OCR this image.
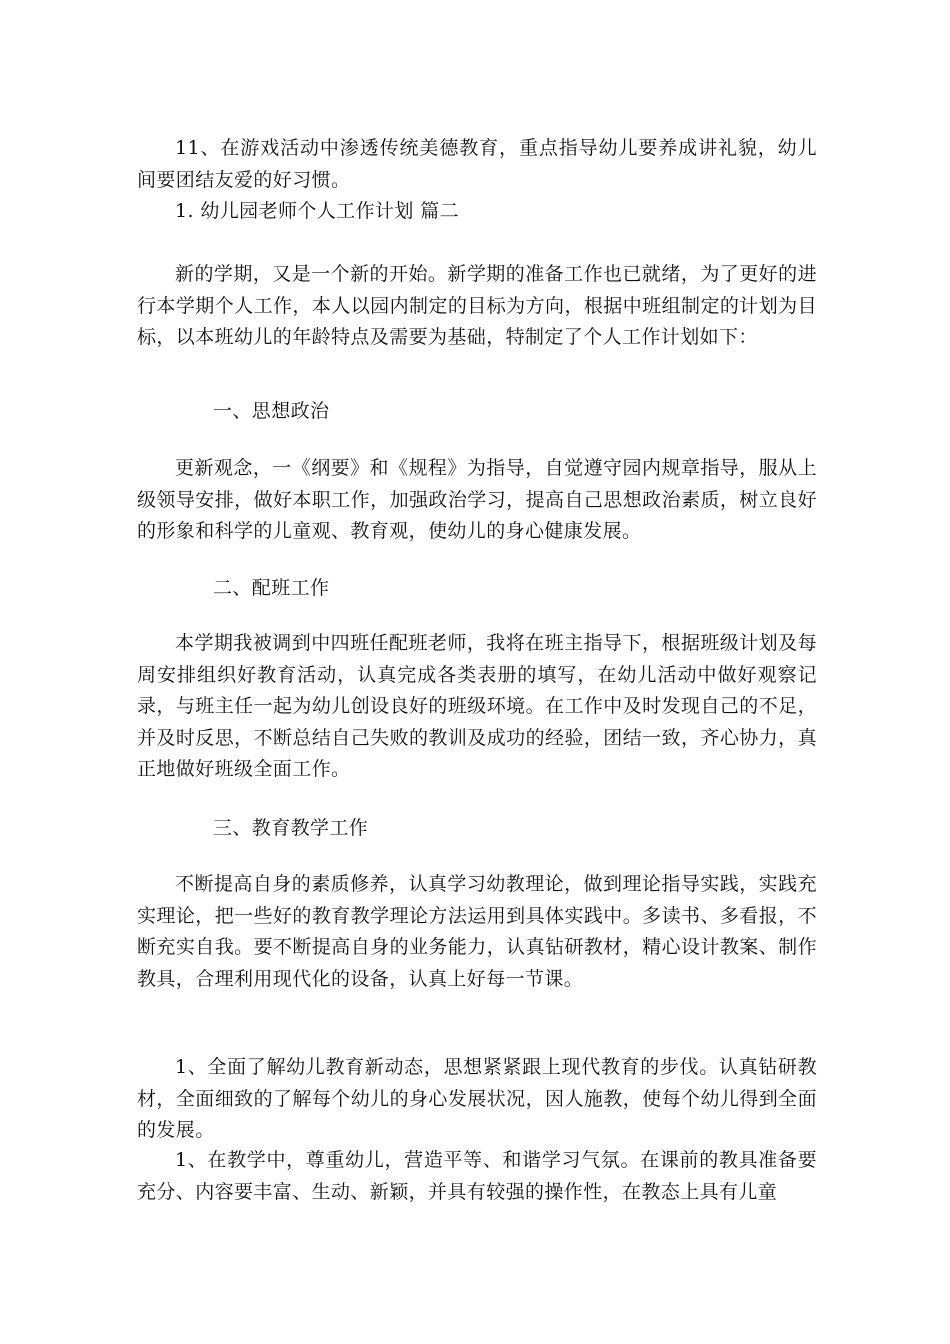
11、在游戏活动中渗透传统美德教育，重点指导幼儿要养成讲礼貌，幼儿间要团结友爱的好习惯。

1. 幼儿园老师个人工作计划 篇二

新的学期，又是一个新的开始。新学期的准备工作也已就绪，为了更好的进行本学期个人工作，本人以园内制定的目标为方向，根据中班组制定的计划为目标，以本班幼儿的年龄特点及需要为基础，特制定了个人工作计划如下：

一、思想政治

更新观念，一《纲要》和《规程》为指导，自觉遵守园内规章指导，服从上级领导安排，做好本职工作，加强政治学习，提高自己思想政治素质，树立良好的形象和科学的儿童观、教育观，使幼儿的身心健康发展。

二、配班工作

本学期我被调到中四班任配班老师，我将在班主指导下，根据班级计划及每周安排组织好教育活动，认真完成各类表册的填写，在幼儿活动中做好观察记录，与班主任一起为幼儿创设良好的班级环境。在工作中及时发现自己的不足，并及时反思，不断总结自己失败的教训及成功的经验，团结一致，齐心协力，真正地做好班级全面工作。

三、教育教学工作

不断提高自身的素质修养，认真学习幼教理论，做到理论指导实践，实践充实理论，把一些好的教育教学理论方法运用到具体实践中。多读书、多看报，不断充实自我。要不断提高自身的业务能力，认真钻研教材，精心设计教案、制作教具，合理利用现代化的设备，认真上好每一节课。

1、全面了解幼儿教育新动态，思想紧紧跟上现代教育的步伐。认真钻研教材，全面细致的了解每个幼儿的身心发展状况，因人施教，使每个幼儿得到全面的发展。

1、在教学中，尊重幼儿，营造平等、和谐学习气氛。在课前的教具准备要充分、内容要丰富、生动、新颖，并具有较强的操作性，在教态上具有儿童
